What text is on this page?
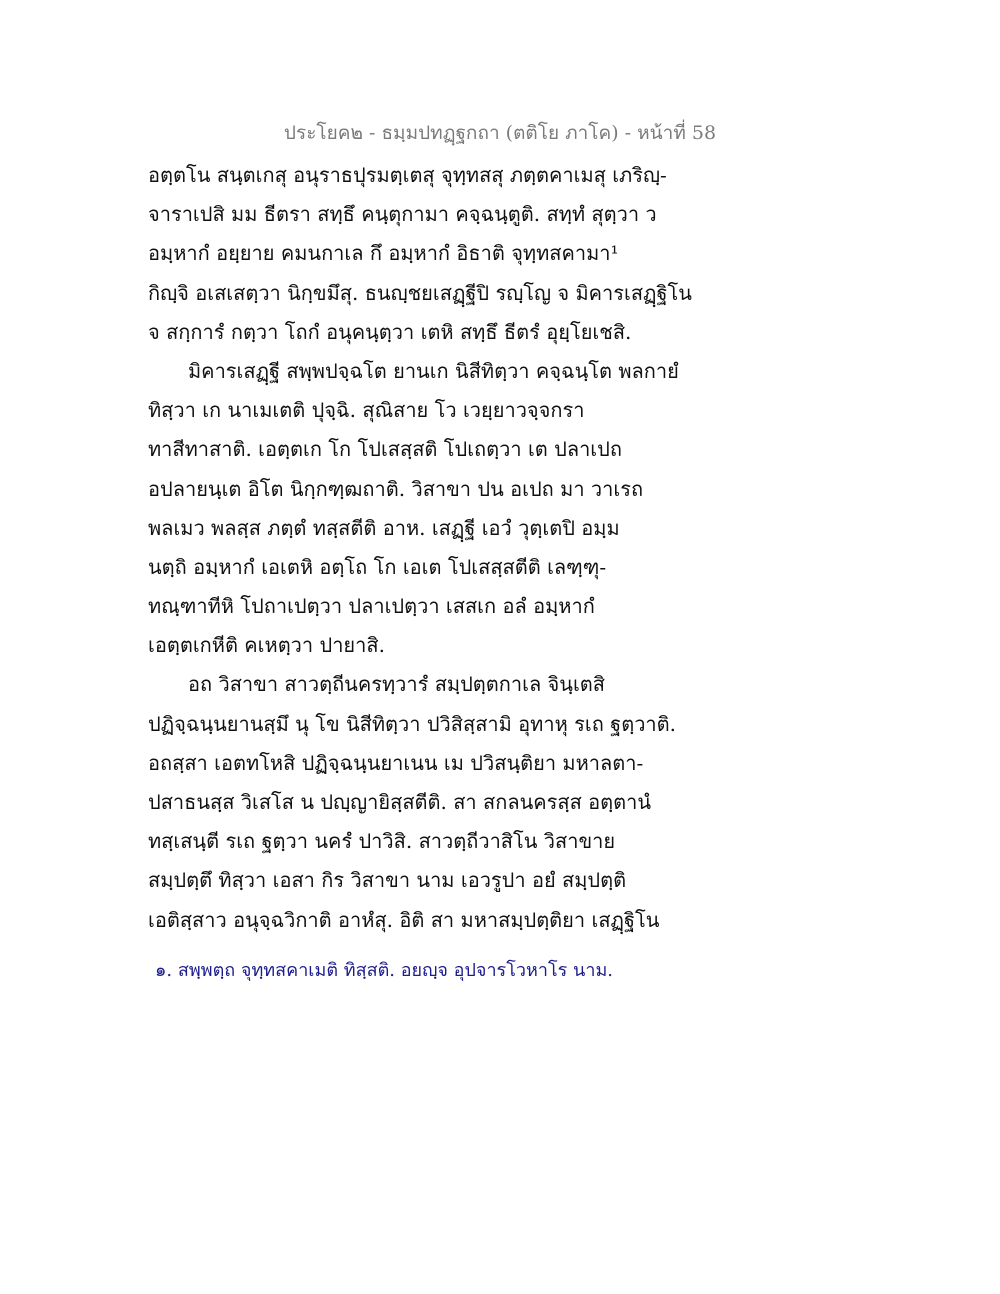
ประโยค๒ - ธมฺมปทฏฺฐกถา (ตติโย ภาโค) - หน้าที่ 58
อตฺตโน สนฺตเกสุ อนุราธปุรมตฺเตสุ จุทฺทสสุ ภตฺตคาเมสุ เภริญฺ-
จาราเปสิ มม ธีตรา สทฺธึ คนฺตุกามา คจฺฉนฺตูติ. สทฺทํ สุตฺวา ว
อมฺหากํ อยฺยาย คมนกาเล กึ อมฺหากํ อิธาติ จุทฺทสคามา¹
กิญฺจิ อเสเสตฺวา นิกฺขมึสุ. ธนญฺชยเสฏฺฐีปิ รญฺโญ จ มิคารเสฏฺฐิโน
จ สกฺการํ กตฺวา โถกํ อนุคนฺตฺวา เตหิ สทฺธึ ธีตรํ อุยฺโยเชสิ.
มิคารเสฏฺฐี สพฺพปจฺฉโต ยานเก นิสีทิตฺวา คจฺฉนฺโต พลกายํ
ทิสฺวา เก นาเมเตติ ปุจฺฉิ. สุณิสาย โว เวยฺยาวจฺจกรา
ทาสีทาสาติ. เอตฺตเก โก โปเสสฺสติ โปเถตฺวา เต ปลาเปถ
อปลายนฺเต อิโต นิกฺกฑฺฒถาติ. วิสาขา ปน อเปถ มา วาเรถ
พลเมว พลสฺส ภตฺตํ ทสฺสตีติ อาห. เสฏฺฐี เอวํ วุตฺเตปิ อมฺม
นตฺถิ อมฺหากํ เอเตหิ อตฺโถ โก เอเต โปเสสฺสตีติ เลฑฺฑุ-
ทณฺฑาทีหิ โปถาเปตฺวา ปลาเปตฺวา เสสเก อลํ อมฺหากํ
เอตฺตเกหีติ คเหตฺวา ปายาสิ.
อถ วิสาขา สาวตฺถีนครทฺวารํ สมฺปตฺตกาเล จินฺเตสิ
ปฏิจฺฉนฺนยานสฺมึ นุ โข นิสีทิตฺวา ปวิสิสฺสามิ อุทาหุ รเถ ฐตฺวาติ.
อถสฺสา เอตทโหสิ ปฏิจฺฉนฺนยาเนน เม ปวิสนฺติยา มหาลตา-
ปสาธนสฺส วิเสโส น ปญฺญายิสฺสตีติ. สา สกลนครสฺส อตฺตานํ
ทสฺเสนฺตี รเถ ฐตฺวา นครํ ปาวิสิ. สาวตฺถีวาสิโน วิสาขาย
สมฺปตฺตึ ทิสฺวา เอสา กิร วิสาขา นาม เอวรูปา อยํ สมฺปตฺติ
เอติสฺสาว อนุจฺฉวิกาติ อาหํสุ. อิติ สา มหาสมฺปตฺติยา เสฏฺฐิโน
๑. สพฺพตฺถ จุทฺทสคาเมติ ทิสฺสติ. อยญฺจ อุปจารโวหาโร นาม.
